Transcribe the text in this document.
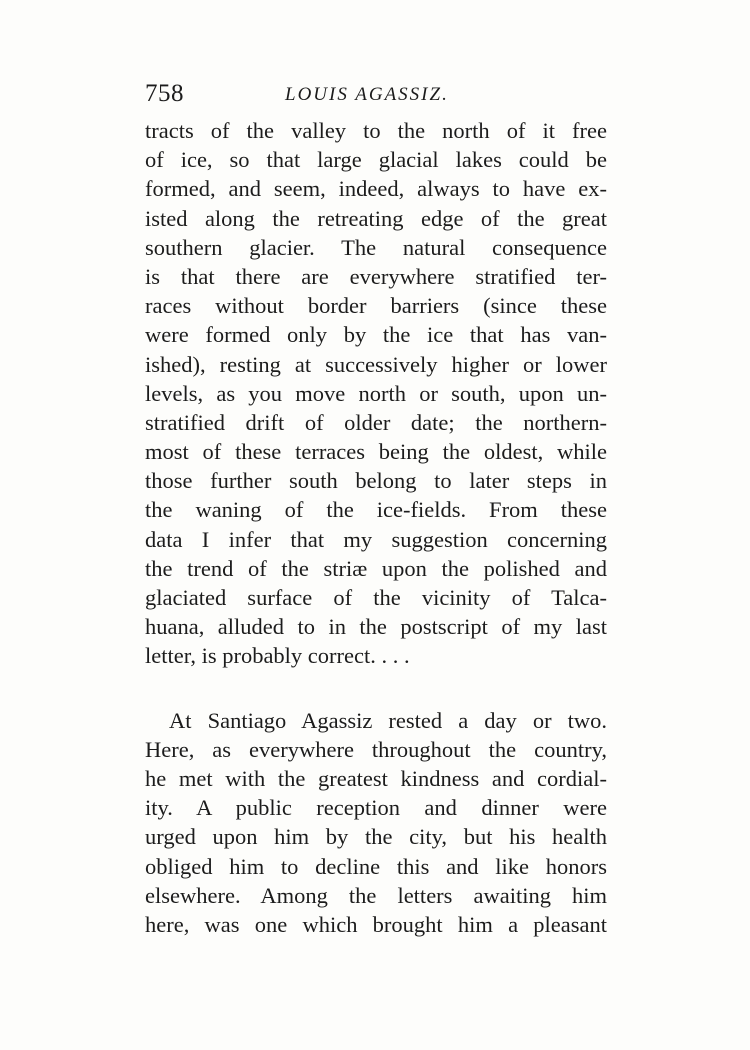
758	LOUIS AGASSIZ.
tracts of the valley to the north of it free
of ice, so that large glacial lakes could be
formed, and seem, indeed, always to have ex-
isted along the retreating edge of the great
southern glacier. The natural consequence
is that there are everywhere stratified ter-
races without border barriers (since these
were formed only by the ice that has van-
ished), resting at successively higher or lower
levels, as you move north or south, upon un-
stratified drift of older date; the northern-
most of these terraces being the oldest, while
those further south belong to later steps in
the waning of the ice-fields. From these
data I infer that my suggestion concerning
the trend of the striæ upon the polished and
glaciated surface of the vicinity of Talca-
huana, alluded to in the postscript of my last
letter, is probably correct. . . .
At Santiago Agassiz rested a day or two.
Here, as everywhere throughout the country,
he met with the greatest kindness and cordial-
ity. A public reception and dinner were
urged upon him by the city, but his health
obliged him to decline this and like honors
elsewhere. Among the letters awaiting him
here, was one which brought him a pleasant
